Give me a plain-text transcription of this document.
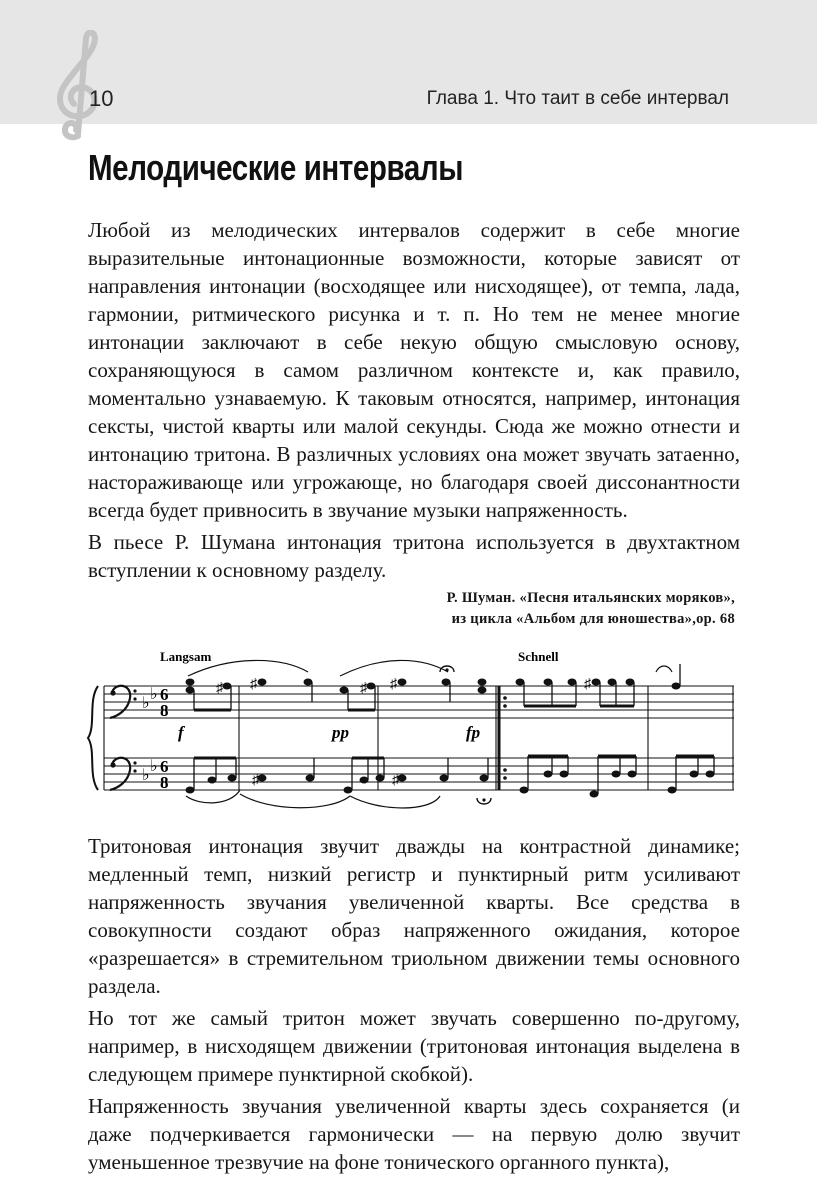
10	Глава 1. Что таит в себе интервал
Мелодические интервалы

Любой из мелодических интервалов содержит в себе многие выразительные интонационные возможности, которые зависят от направления интонации (восходящее или нисходящее), от темпа, лада, гармонии, ритмического рисунка и т. п. Но тем не менее многие интонации заключают в себе некую общую смысловую основу, сохраняющуюся в самом различном контексте и, как правило, моментально узнаваемую. К таковым относятся, например, интонация сексты, чистой кварты или малой секунды. Сюда же можно отнести и интонацию тритона. В различных условиях она может звучать затаенно, настораживающе или угрожающе, но благодаря своей диссонантности всегда будет привносить в звучание музыки напряженность.

В пьесе Р. Шумана интонация тритона используется в двухтактном вступлении к основному разделу.

Р. Шуман. «Песня итальянских моряков»,
из цикла «Альбом для юношества»,ор. 68
♭
♭
♭
♭
6
8
6
8
Langsam	Schnell
f	pp	fp
♯ ♯	♯ ♯	♯
♯	♯

Тритоновая интонация звучит дважды на контрастной динамике; медленный темп, низкий регистр и пунктирный ритм усиливают напряженность звучания увеличенной кварты. Все средства в совокупности создают образ напряженного ожидания, которое «разрешается» в стремительном триольном движении темы основного раздела.

Но тот же самый тритон может звучать совершенно по-другому, например, в нисходящем движении (тритоновая интонация выделена в следующем примере пунктирной скобкой).

Напряженность звучания увеличенной кварты здесь сохраняется (и даже подчеркивается гармонически — на первую долю звучит уменьшенное трезвучие на фоне тонического органного пункта),
